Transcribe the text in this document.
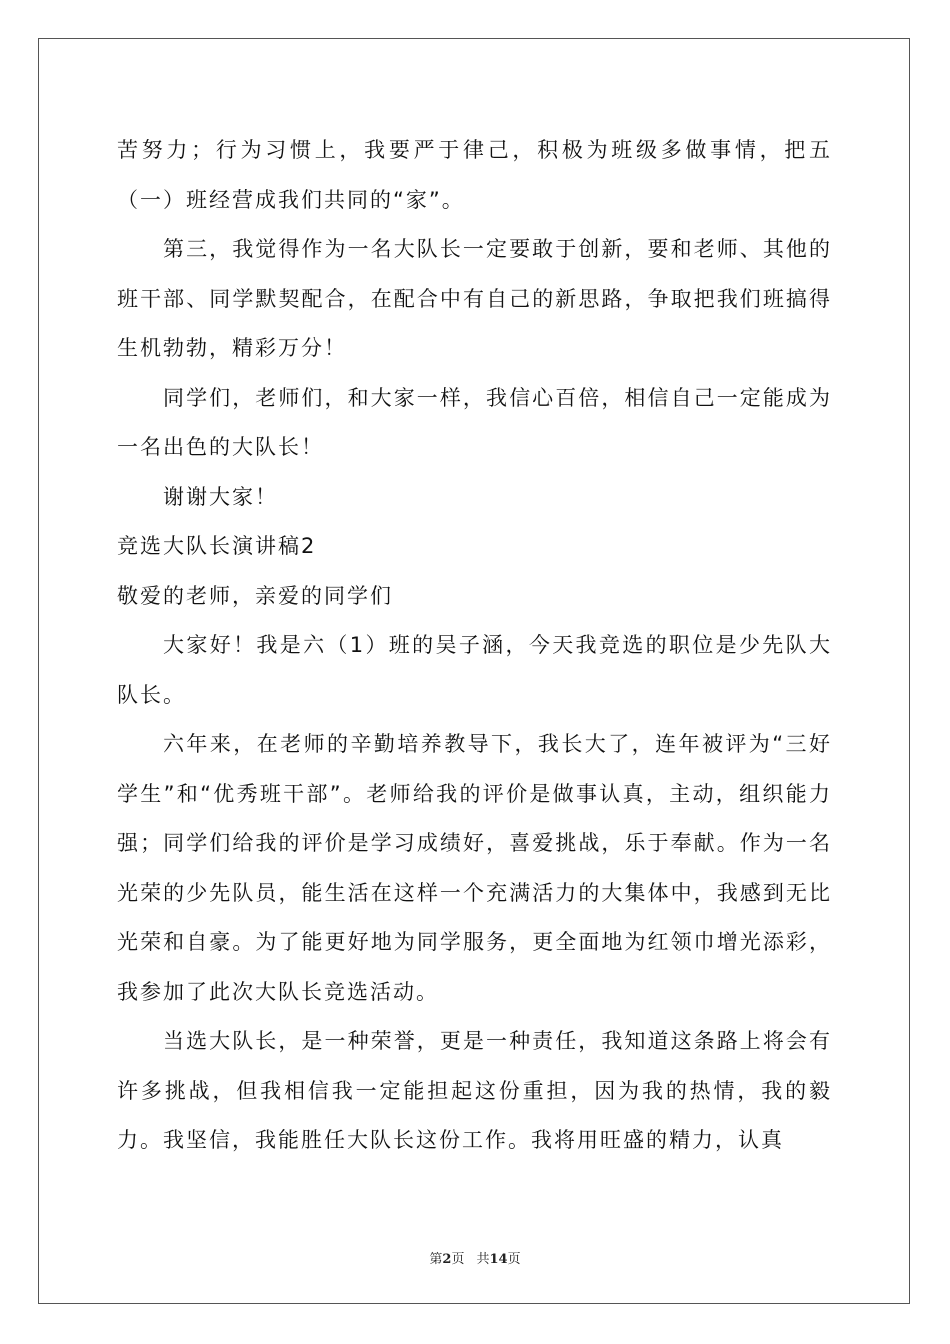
苦努力；行为习惯上，我要严于律己，积极为班级多做事情，把五（一）班经营成我们共同的“家”。

第三，我觉得作为一名大队长一定要敢于创新，要和老师、其他的班干部、同学默契配合，在配合中有自己的新思路，争取把我们班搞得生机勃勃，精彩万分！

同学们，老师们，和大家一样，我信心百倍，相信自己一定能成为一名出色的大队长！

谢谢大家！

竞选大队长演讲稿2

敬爱的老师，亲爱的同学们

大家好！我是六（1）班的吴子涵，今天我竞选的职位是少先队大队长。

六年来，在老师的辛勤培养教导下，我长大了，连年被评为“三好学生”和“优秀班干部”。老师给我的评价是做事认真，主动，组织能力强；同学们给我的评价是学习成绩好，喜爱挑战，乐于奉献。作为一名光荣的少先队员，能生活在这样一个充满活力的大集体中，我感到无比光荣和自豪。为了能更好地为同学服务，更全面地为红领巾增光添彩，我参加了此次大队长竞选活动。

当选大队长，是一种荣誉，更是一种责任，我知道这条路上将会有许多挑战，但我相信我一定能担起这份重担，因为我的热情，我的毅力。我坚信，我能胜任大队长这份工作。我将用旺盛的精力，认真

第2页 共14页
